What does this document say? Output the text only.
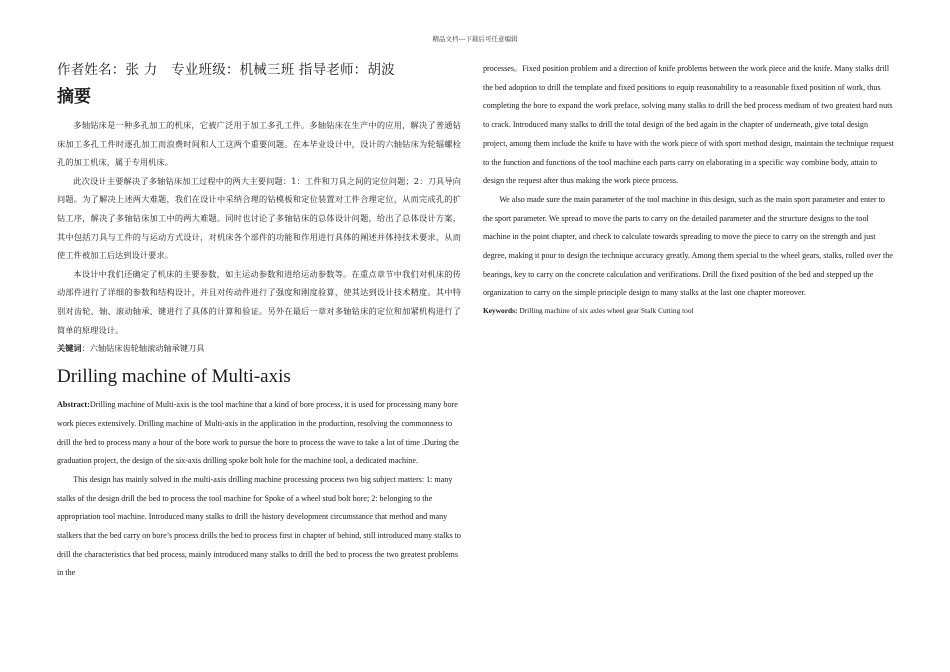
精品文档---下载后可任意编辑

作者姓名：张 力　专业班级：机械三班 指导老师：胡波

摘要

多轴钻床是一种多孔加工的机床，它被广泛用于加工多孔工件。多轴钻床在生产中的应用，解决了普通钻床加工多孔工件时逐孔加工而浪费时间和人工这两个重要问题。在本毕业设计中，设计的六轴钻床为轮辐螺栓孔的加工机床，属于专用机床。

此次设计主要解决了多轴钻床加工过程中的两大主要问题：1：工件和刀具之间的定位问题；2：刀具导向问题。为了解决上述两大难题，我们在设计中采纳合理的钻模板和定位装置对工件合理定位，从而完成孔的扩钻工序，解决了多轴钻床加工中的两大难题。同时也讨论了多轴钻床的总体设计问题，给出了总体设计方案，其中包括刀具与工件的与运动方式设计，对机床各个部件的功能和作用进行具体的阐述并体持技术要求，从而使工件被加工后达到设计要求。

本设计中我们还确定了机床的主要参数，如主运动参数和进给运动参数等。在重点章节中我们对机床的传动部件进行了详细的参数和结构设计，并且对传动件进行了强度和刚度验算，使其达到设计技术精度。其中特别对齿轮、轴、滚动轴承、键进行了具体的计算和验证。另外在最后一章对多轴钻床的定位和加紧机构进行了简单的原理设计。

关键词：六轴钻床齿轮轴滚动轴承键刀具

Drilling machine of Multi-axis

Abstract:Drilling machine of Multi-axis is the tool machine that a kind of bore process, it is used for processing many bore work pieces extensively. Drilling machine of Multi-axis in the application in the production, resolving the commonness to drill the bed to process many a hour of the bore work to pursue the bore to process the wave to take a lot of time .During the graduation project, the design of the six-axis drilling spoke bolt hole for the machine tool, a dedicated machine.

This design has mainly solved in the multi-axis drilling machine processing process two big subject matters: 1: many stalks of the design drill the bed to process the tool machine for Spoke of a wheel stud bolt bore; 2: belonging to the appropriation tool machine. Introduced many stalks to drill the history development circumstance that method and many stalkers that the bed carry on bore’s process drills the bed to process first in chapter of behind, still introduced many stalks to drill the characteristics that bed process, mainly introduced many stalks to drill the bed to process the two greatest problems in the

processes。Fixed position problem and a direction of knife problems between the work piece and the knife. Many stalks drill the bed adoption to drill the template and fixed positions to equip reasonability to a reasonable fixed position of work, thus completing the bore to expand the work preface, solving many stalks to drill the bed process medium of two greatest hard nuts to crack. Introduced many stalks to drill the total design of the bed again in the chapter of underneath, give total design project, among them include the knife to have with the work piece of with sport method design, maintain the technique request to the function and functions of the tool machine each parts carry on elaborating in a specific way combine body, attain to design the request after thus making the work piece process.

We also made sure the main parameter of the tool machine in this design, such as the main sport parameter and enter to the sport parameter. We spread to move the parts to carry on the detailed parameter and the structure designs to the tool machine in the point chapter, and check to calculate towards spreading to move the piece to carry on the strength and just degree, making it pour to design the technique accuracy greatly. Among them special to the wheel gears, stalks, rolled over the bearings, key to carry on the concrete calculation and verifications. Drill the fixed position of the bed and stepped up the organization to carry on the simple principle design to many stalks at the last one chapter moreover.

Keywords: Drilling machine of six axles wheel gear Stalk Cutting tool
